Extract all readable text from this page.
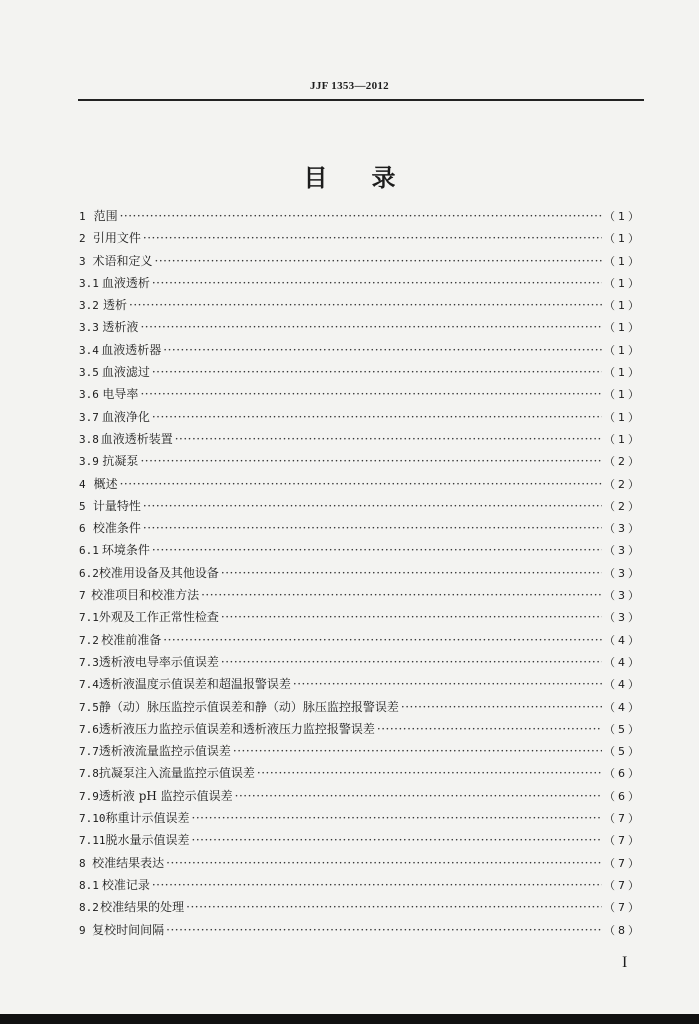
JJF 1353—2012
目录
1 范围 ·····	（1）
2 引用文件 ·····	（1）
3 术语和定义 ·····	（1）
3.1 血液透析 ·····	（1）
3.2 透析 ·····	（1）
3.3 透析液 ·····	（1）
3.4 血液透析器 ·····	（1）
3.5 血液滤过 ·····	（1）
3.6 电导率 ·····	（1）
3.7 血液净化 ·····	（1）
3.8 血液透析装置 ·····	（1）
3.9 抗凝泵 ·····	（2）
4 概述 ·····	（2）
5 计量特性 ·····	（2）
6 校准条件 ·····	（3）
6.1 环境条件 ·····	（3）
6.2 校准用设备及其他设备 ·····	（3）
7 校准项目和校准方法 ·····	（3）
7.1 外观及工作正常性检查 ·····	（3）
7.2 校准前准备 ·····	（4）
7.3 透析液电导率示值误差 ·····	（4）
7.4 透析液温度示值误差和超温报警误差 ·····	（4）
7.5 静（动）脉压监控示值误差和静（动）脉压监控报警误差 ·····	（4）
7.6 透析液压力监控示值误差和透析液压力监控报警误差 ·····	（5）
7.7 透析液流量监控示值误差 ·····	（5）
7.8 抗凝泵注入流量监控示值误差 ·····	（6）
7.9 透析液 pH 监控示值误差 ·····	（6）
7.10 称重计示值误差 ·····	（7）
7.11 脱水量示值误差 ·····	（7）
8 校准结果表达 ·····	（7）
8.1 校准记录 ·····	（7）
8.2 校准结果的处理 ·····	（7）
9 复校时间间隔 ·····	（8）
I
